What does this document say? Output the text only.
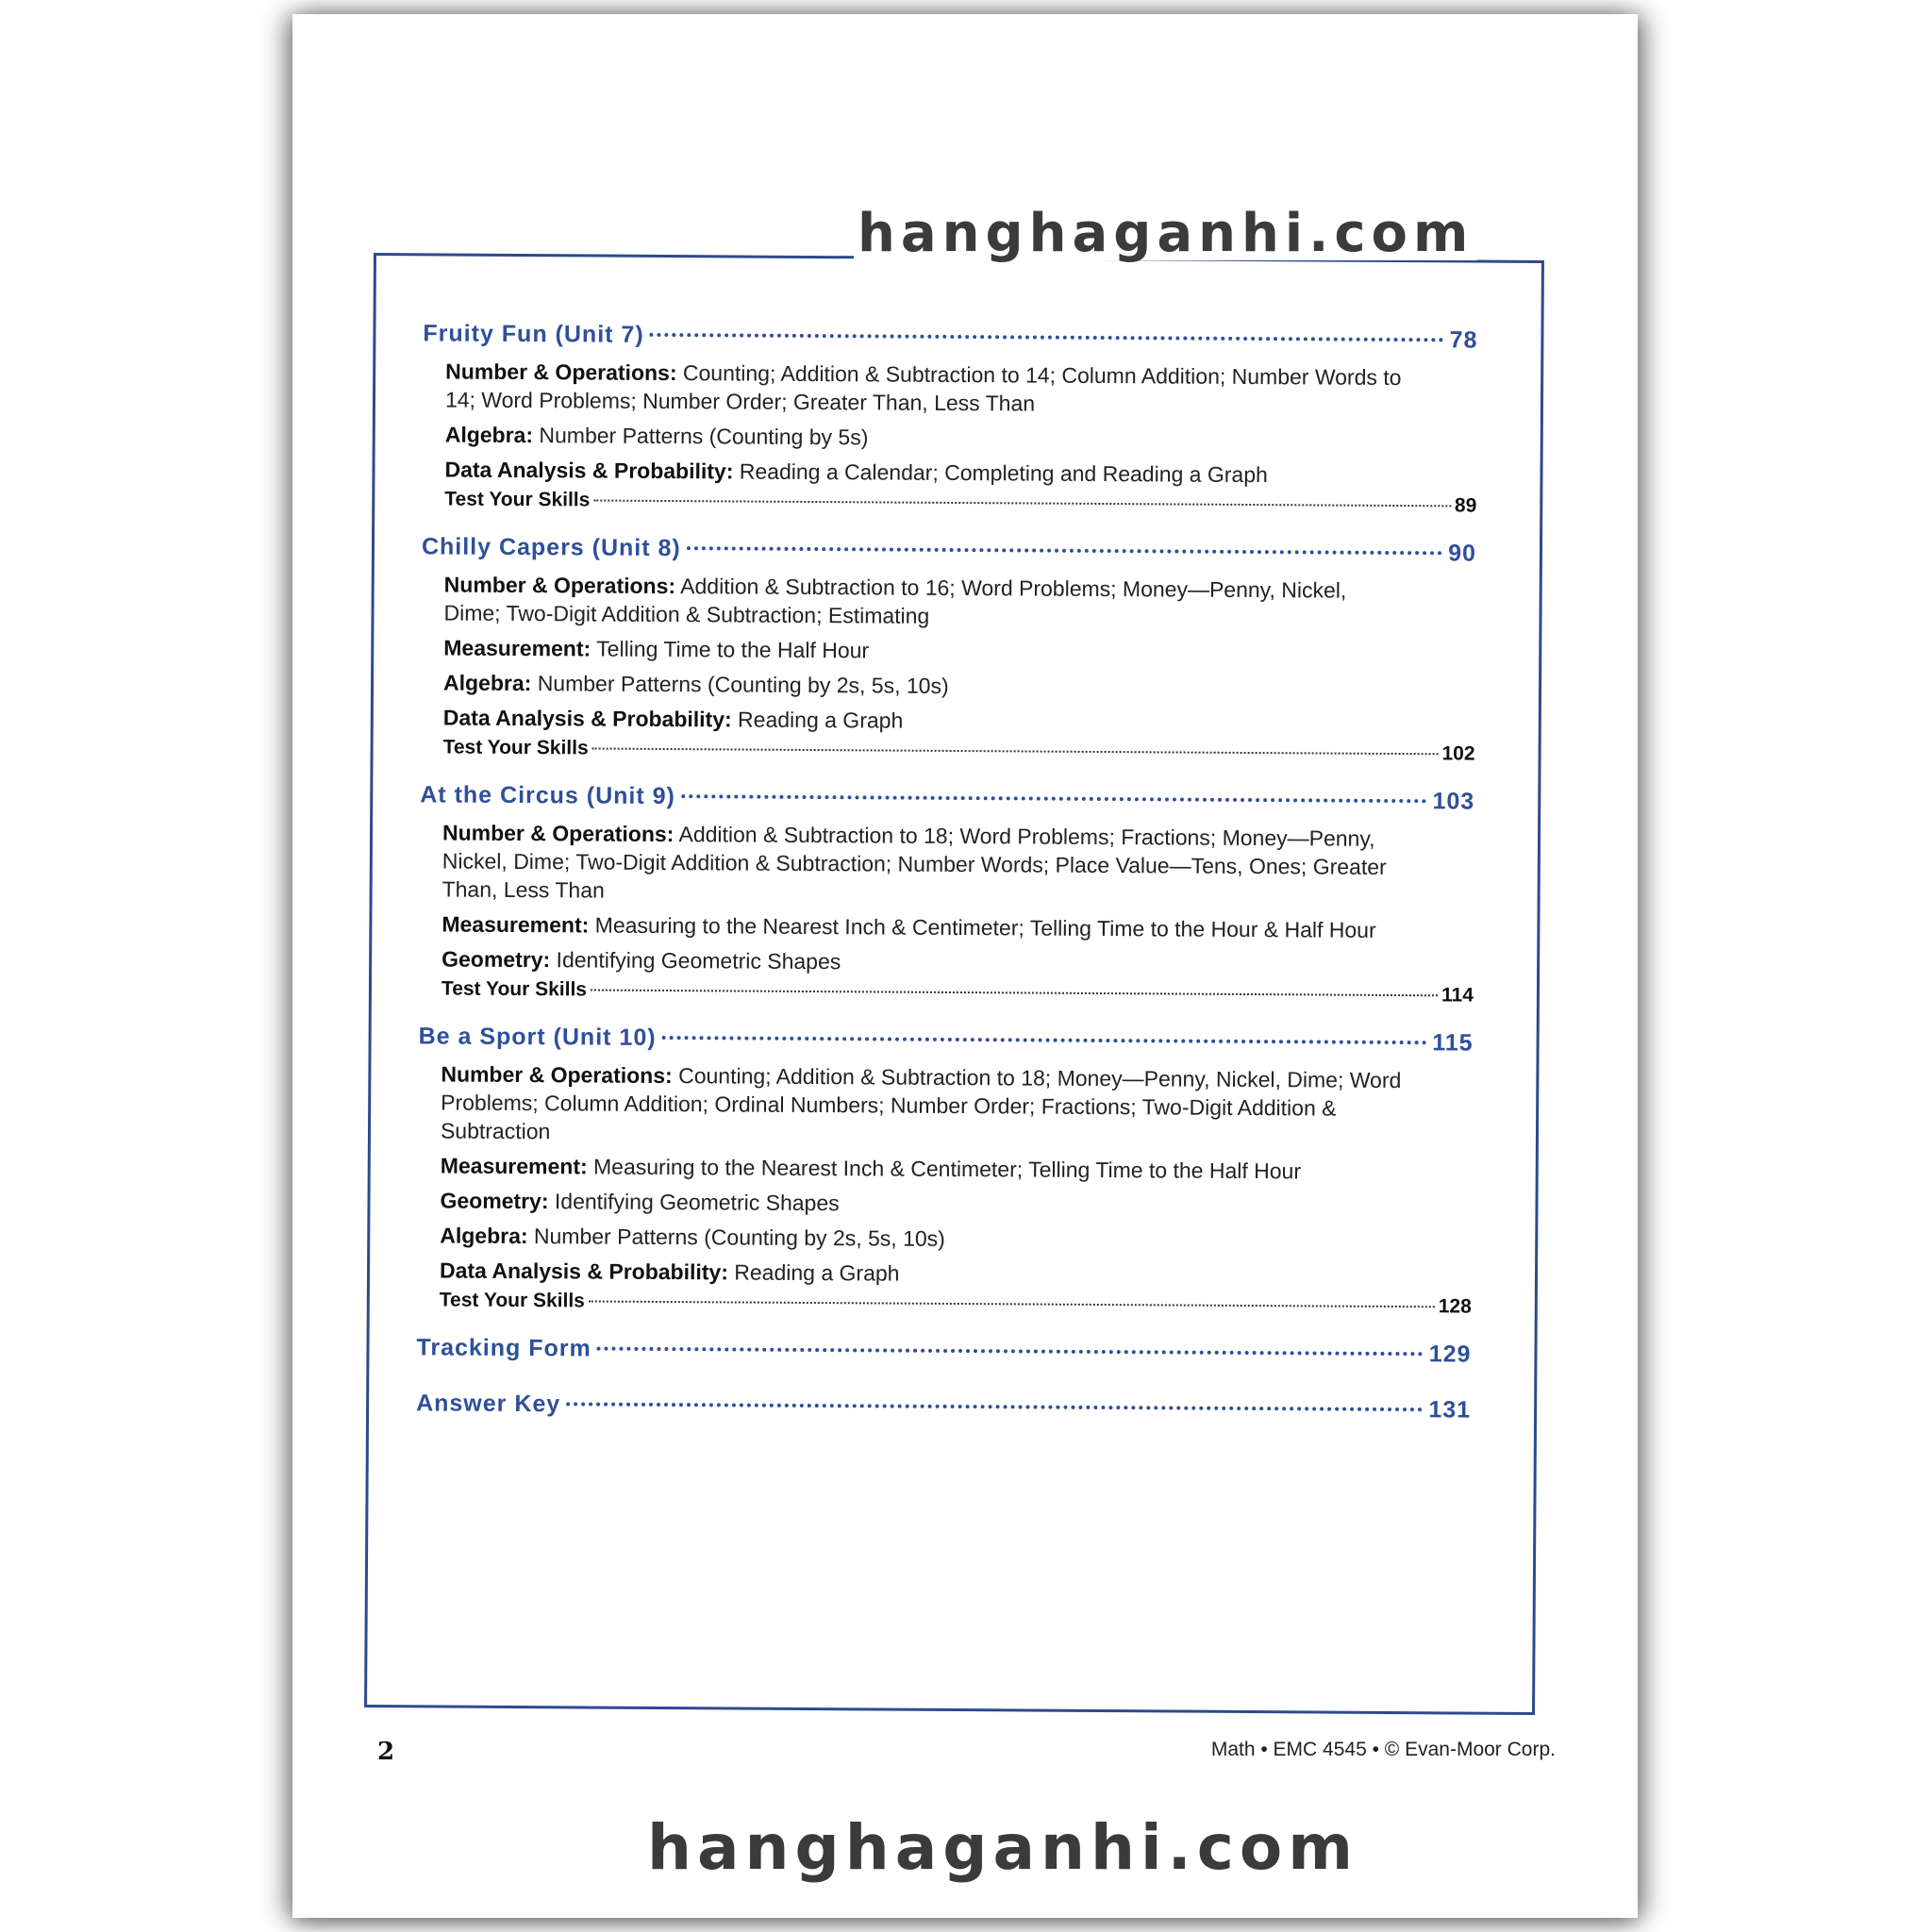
Fruity Fun (Unit 7)	78
Number & Operations: Counting; Addition & Subtraction to 14; Column Addition; Number Words to 14; Word Problems; Number Order; Greater Than, Less Than
Algebra: Number Patterns (Counting by 5s)
Data Analysis & Probability: Reading a Calendar; Completing and Reading a Graph
Test Your Skills	89
Chilly Capers (Unit 8)	90
Number & Operations: Addition & Subtraction to 16; Word Problems; Money—Penny, Nickel, Dime; Two-Digit Addition & Subtraction; Estimating
Measurement: Telling Time to the Half Hour
Algebra: Number Patterns (Counting by 2s, 5s, 10s)
Data Analysis & Probability: Reading a Graph
Test Your Skills	102
At the Circus (Unit 9)	103
Number & Operations: Addition & Subtraction to 18; Word Problems; Fractions; Money—Penny, Nickel, Dime; Two-Digit Addition & Subtraction; Number Words; Place Value—Tens, Ones; Greater Than, Less Than
Measurement: Measuring to the Nearest Inch & Centimeter; Telling Time to the Hour & Half Hour
Geometry: Identifying Geometric Shapes
Test Your Skills	114
Be a Sport (Unit 10)	115
Number & Operations: Counting; Addition & Subtraction to 18; Money—Penny, Nickel, Dime; Word Problems; Column Addition; Ordinal Numbers; Number Order; Fractions; Two-Digit Addition & Subtraction
Measurement: Measuring to the Nearest Inch & Centimeter; Telling Time to the Half Hour
Geometry: Identifying Geometric Shapes
Algebra: Number Patterns (Counting by 2s, 5s, 10s)
Data Analysis & Probability: Reading a Graph
Test Your Skills	128
Tracking Form	129
Answer Key	131
hanghaganhi.com
hanghaganhi.com
2	Math • EMC 4545 • © Evan-Moor Corp.
